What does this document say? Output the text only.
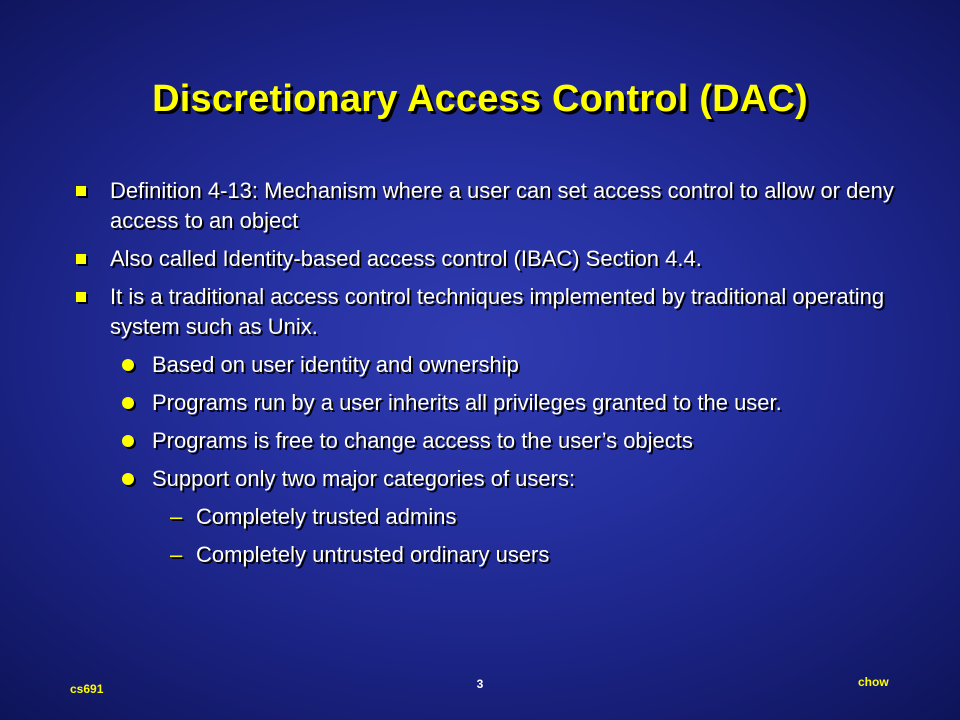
Discretionary Access Control (DAC)
Definition 4-13: Mechanism where a user can set access control to allow or deny access to an object
Also called Identity-based access control (IBAC) Section 4.4.
It is a traditional access control techniques implemented by traditional operating system such as Unix.
Based on user identity and ownership
Programs run by a user inherits all privileges granted to the user.
Programs is free to change access to the user’s objects
Support only two major categories of users:
– Completely trusted admins
– Completely untrusted ordinary users
cs691	3	chow
